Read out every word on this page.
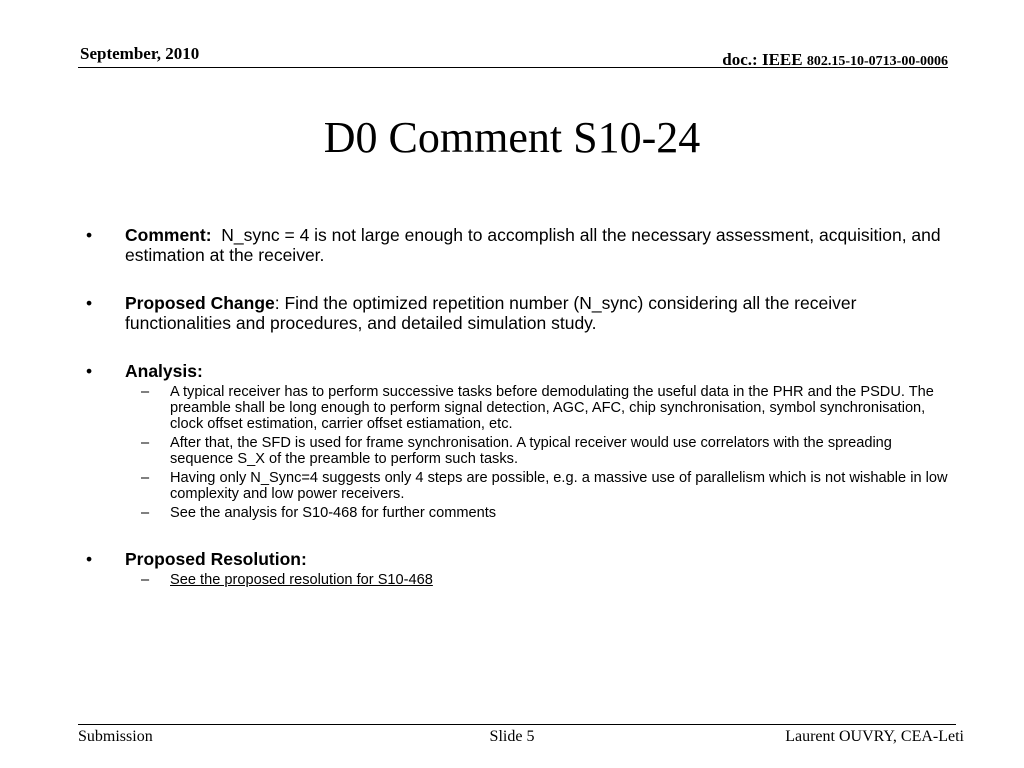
September, 2010	doc.: IEEE 802.15-10-0713-00-0006
D0 Comment S10-24
• Comment: N_sync = 4 is not large enough to accomplish all the necessary assessment, acquisition, and estimation at the receiver.
• Proposed Change: Find the optimized repetition number (N_sync) considering all the receiver functionalities and procedures, and detailed simulation study.
• Analysis:
– A typical receiver has to perform successive tasks before demodulating the useful data in the PHR and the PSDU. The preamble shall be long enough to perform signal detection, AGC, AFC, chip synchronisation, symbol synchronisation, clock offset estimation, carrier offset estiamation, etc.
– After that, the SFD is used for frame synchronisation. A typical receiver would use correlators with the spreading sequence S_X of the preamble to perform such tasks.
– Having only N_Sync=4 suggests only 4 steps are possible, e.g. a massive use of parallelism which is not wishable in low complexity and low power receivers.
– See the analysis for S10-468 for further comments
• Proposed Resolution:
– See the proposed resolution for S10-468
Submission	Slide 5	Laurent OUVRY, CEA-Leti
